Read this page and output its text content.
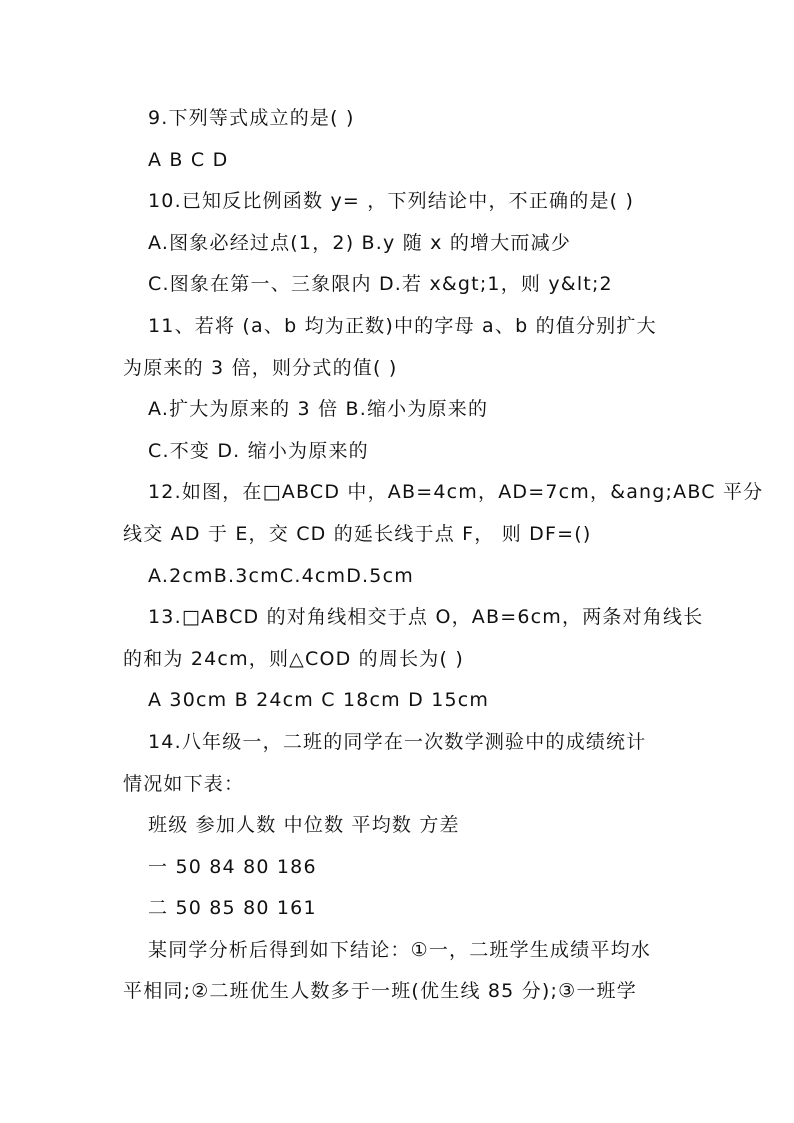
9.下列等式成立的是( )
A B C D
10.已知反比例函数 y= ，下列结论中，不正确的是( )
A.图象必经过点(1，2) B.y 随 x 的增大而减少
C.图象在第一、三象限内 D.若 x&gt;1，则 y&lt;2
11、若将 (a、b 均为正数)中的字母 a、b 的值分别扩大
为原来的 3 倍，则分式的值( )
A.扩大为原来的 3 倍 B.缩小为原来的
C.不变 D. 缩小为原来的
12.如图，在□ABCD 中，AB=4cm，AD=7cm，&ang;ABC 平分
线交 AD 于 E，交 CD 的延长线于点 F， 则 DF=()
A.2cmB.3cmC.4cmD.5cm
13.□ABCD 的对角线相交于点 O，AB=6cm，两条对角线长
的和为 24cm，则△COD 的周长为( )
A 30cm B 24cm C 18cm D 15cm
14.八年级一，二班的同学在一次数学测验中的成绩统计
情况如下表：
班级 参加人数 中位数 平均数 方差
一 50 84 80 186
二 50 85 80 161
某同学分析后得到如下结论：①一，二班学生成绩平均水
平相同;②二班优生人数多于一班(优生线 85 分);③一班学
